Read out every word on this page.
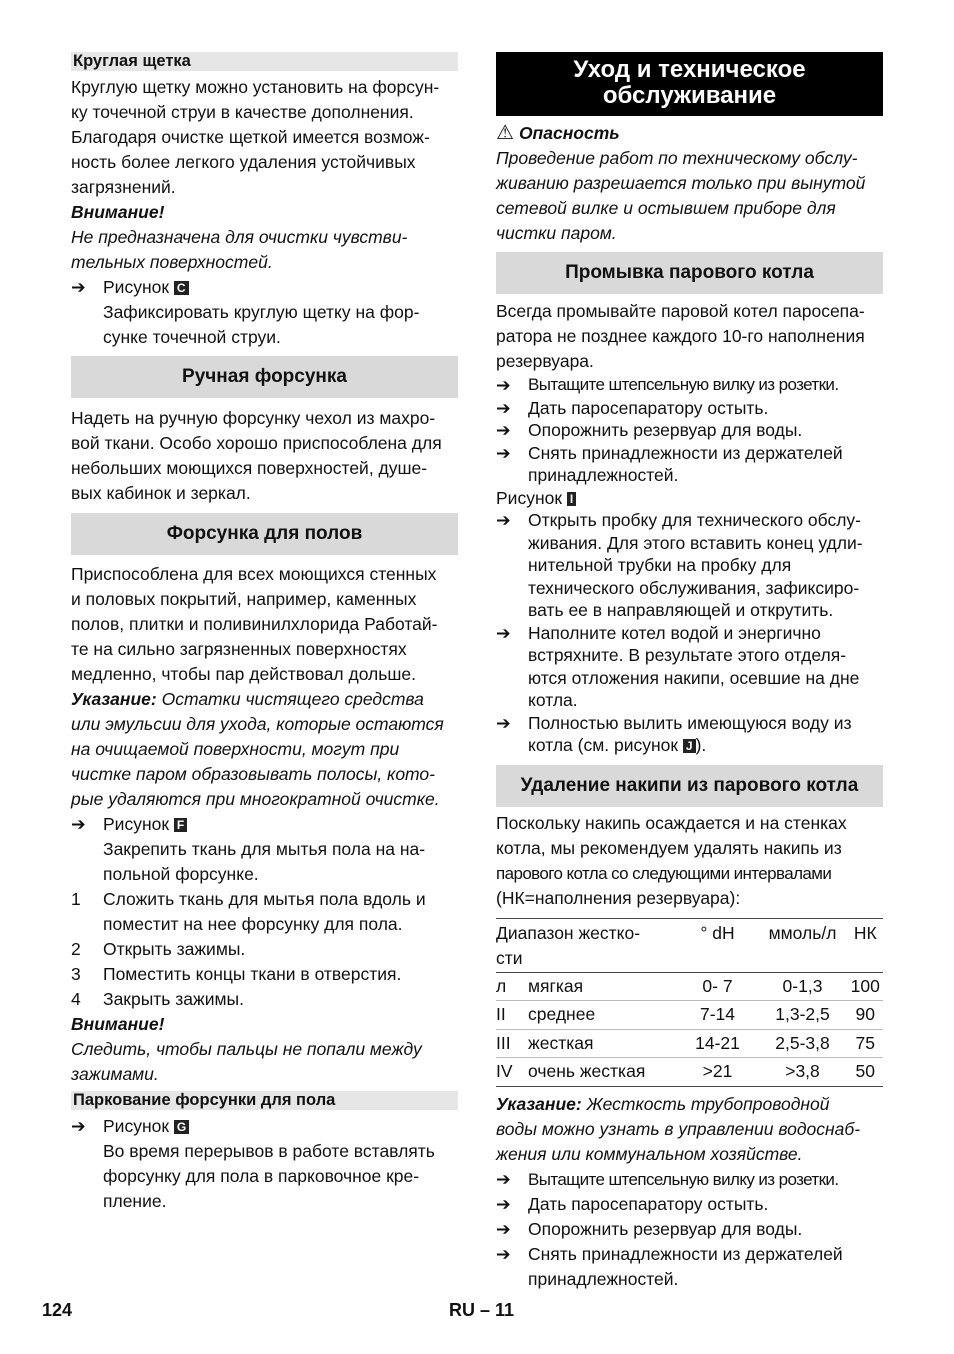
Круглая щетка

Круглую щетку можно установить на форсун-
ку точечной струи в качестве дополнения.
Благодаря очистке щеткой имеется возмож-
ность более легкого удаления устойчивых
загрязнений.

Внимание!

Не предназначена для очистки чувстви-
тельных поверхностей.

➔ Рисунок C

Зафиксировать круглую щетку на фор-
сунке точечной струи.

Ручная форсунка

Надеть на ручную форсунку чехол из махро-
вой ткани. Особо хорошо приспособлена для
небольших моющихся поверхностей, душе-
вых кабинок и зеркал.

Форсунка для полов

Приспособлена для всех моющихся стенных
и половых покрытий, например, каменных
полов, плитки и поливинилхлорида Работай-
те на сильно загрязненных поверхностях
медленно, чтобы пар действовал дольше.

Указание: Остатки чистящего средства
или эмульсии для ухода, которые остаются
на очищаемой поверхности, могут при
чистке паром образовывать полосы, кото-
рые удаляются при многократной очистке.

➔ Рисунок F

Закрепить ткань для мытья пола на на-
польной форсунке.

1	Сложить ткань для мытья пола вдоль и
поместит на нее форсунку для пола.
2	Открыть зажимы.
3	Поместить концы ткани в отверстия.
4	Закрыть зажимы.

Внимание!

Следить, чтобы пальцы не попали между
зажимами.

Паркование форсунки для пола
➔ Рисунок G

Во время перерывов в работе вставлять
форсунку для пола в парковочное кре-
пление.

Уход и техническое
обслуживание

⚠ Опасность

Проведение работ по техническому обслу-
живанию разрешается только при вынутой
сетевой вилке и остывшем приборе для
чистки паром.

Промывка парового котла

Всегда промывайте паровой котел паросепа-
ратора не позднее каждого 10-го наполнения
резервуара.

➔	Вытащите штепсельную вилку из розетки.
➔ Дать паросепаратору остыть.
➔ Опорожнить резервуар для воды.
➔ Снять принадлежности из держателей
принадлежностей.

Рисунок I

➔ Открыть пробку для технического обслу-
живания. Для этого вставить конец удли-
нительной трубки на пробку для
технического обслуживания, зафиксиро-
вать ее в направляющей и открутить.
➔ Наполните котел водой и энергично
встряхните. В результате этого отделя-
ются отложения накипи, осевшие на дне
котла.
➔ Полностью вылить имеющуюся воду из
котла (см. рисунок J ).
Удаление накипи из парового котла

Поскольку накипь осаждается и на стенках
котла, мы рекомендуем удалять накипь из
парового котла со следующими интервалами
(НК=наполнения резервуара):

Диапазон жестко-
сти		° dH	ммоль/л	НК
л	мягкая	0- 7	0-1,3	100
II	среднее	7-14	1,3-2,5	90
III	жесткая	14-21	2,5-3,8	75
IV	очень жесткая	>21	>3,8	50

Указание: Жесткость трубопроводной
воды можно узнать в управлении водоснаб-
жения или коммунальном хозяйстве.

➔	Вытащите штепсельную вилку из розетки.
➔ Дать паросепаратору остыть.
➔ Опорожнить резервуар для воды.
➔ Снять принадлежности из держателей
принадлежностей.
124	RU – 11
